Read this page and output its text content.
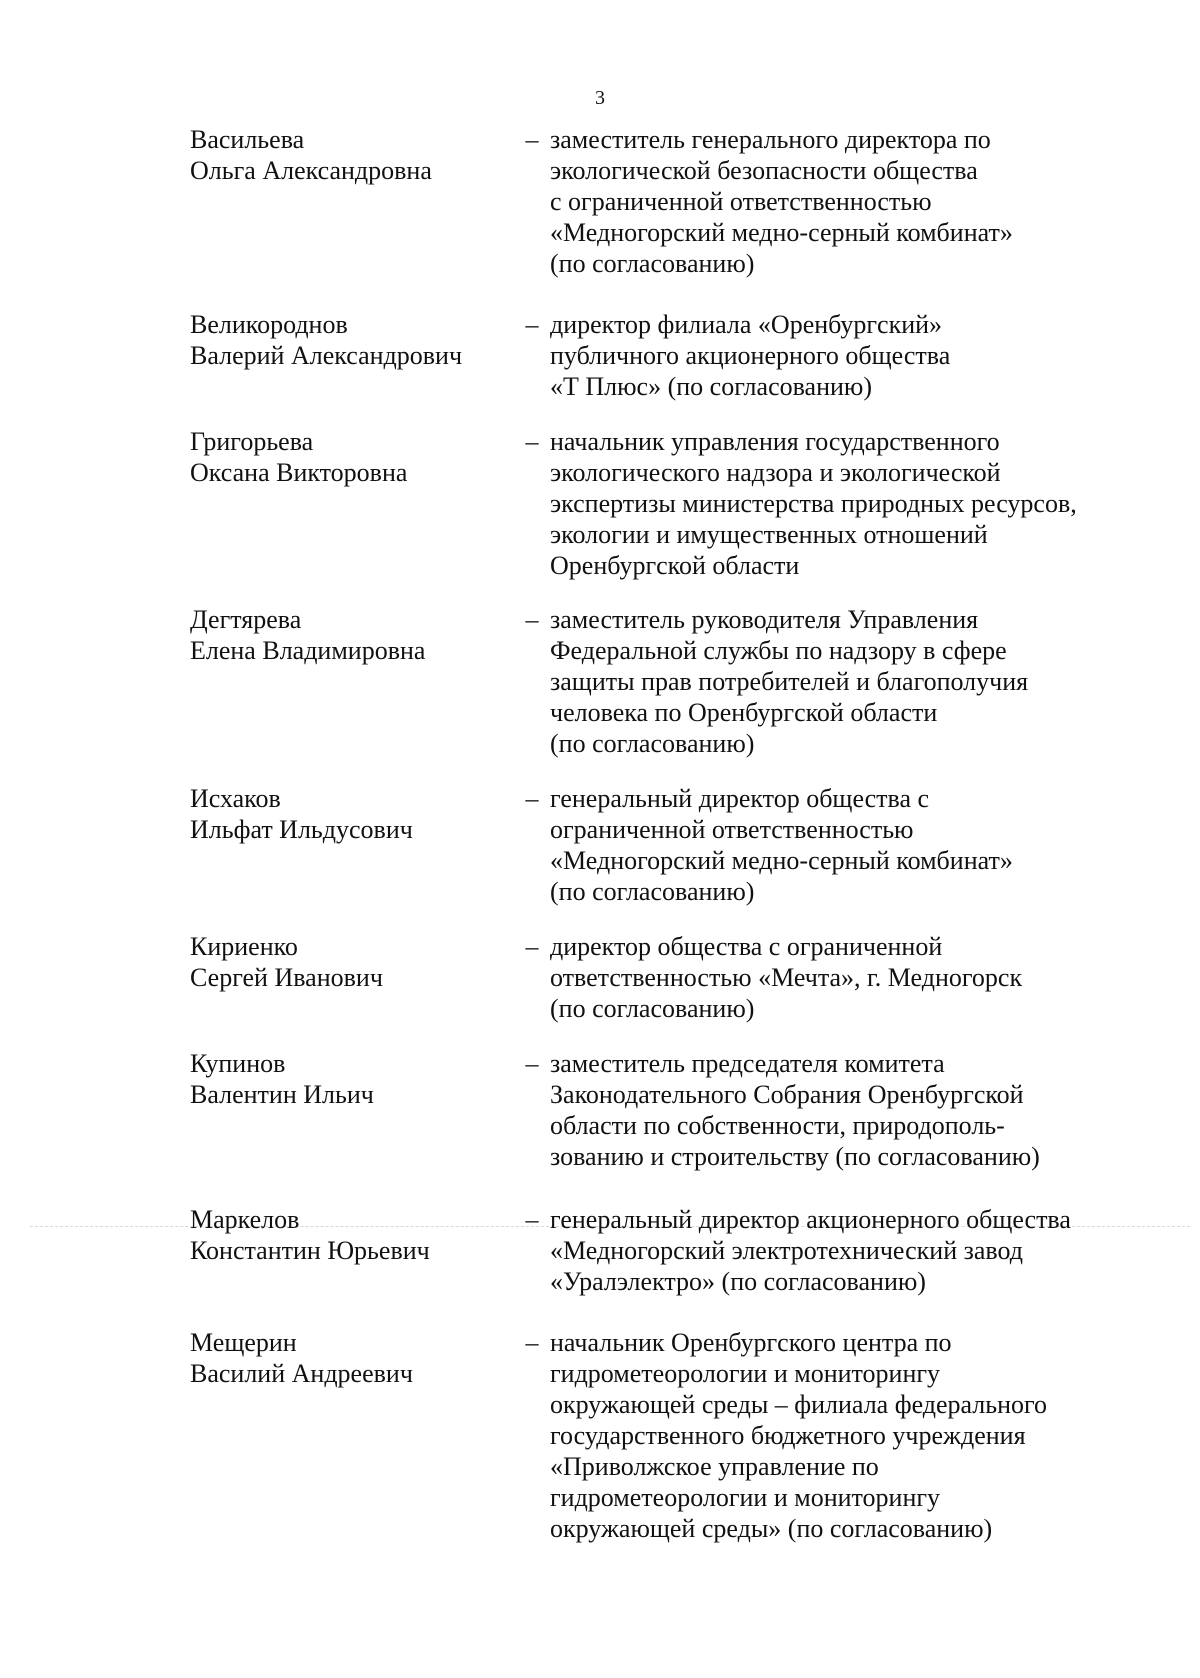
3
Васильева
Ольга Александровна
– заместитель генерального директора по
экологической безопасности общества
с ограниченной ответственностью
«Медногорский медно-серный комбинат»
(по согласованию)
Великороднов
Валерий Александрович
– директор филиала «Оренбургский»
публичного акционерного общества
«Т Плюс» (по согласованию)
Григорьева
Оксана Викторовна
– начальник управления государственного
экологического надзора и экологической
экспертизы министерства природных ресурсов,
экологии и имущественных отношений
Оренбургской области
Дегтярева
Елена Владимировна
– заместитель руководителя Управления
Федеральной службы по надзору в сфере
защиты прав потребителей и благополучия
человека по Оренбургской области
(по согласованию)
Исхаков
Ильфат Ильдусович
– генеральный директор общества с
ограниченной ответственностью
«Медногорский медно-серный комбинат»
(по согласованию)
Кириенко
Сергей Иванович
– директор общества с ограниченной
ответственностью «Мечта», г. Медногорск
(по согласованию)
Купинов
Валентин Ильич
– заместитель председателя комитета
Законодательного Собрания Оренбургской
области по собственности, природополь-
зованию и строительству (по согласованию)
Маркелов
Константин Юрьевич
– генеральный директор акционерного общества
«Медногорский электротехнический завод
«Уралэлектро» (по согласованию)
Мещерин
Василий Андреевич
– начальник Оренбургского центра по
гидрометеорологии и мониторингу
окружающей среды – филиала федерального
государственного бюджетного учреждения
«Приволжское управление по
гидрометеорологии и мониторингу
окружающей среды» (по согласованию)
